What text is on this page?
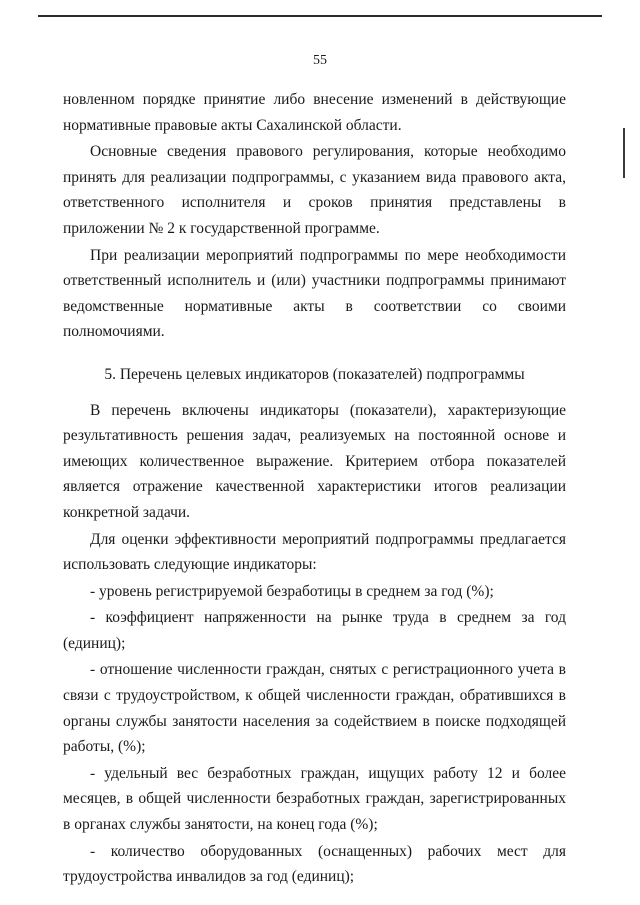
55

новленном порядке принятие либо внесение изменений в действующие нормативные правовые акты Сахалинской области.

Основные сведения правового регулирования, которые необходимо принять для реализации подпрограммы, с указанием вида правового акта, ответственного исполнителя и сроков принятия представлены в приложении № 2 к государственной программе.

При реализации мероприятий подпрограммы по мере необходимости ответственный исполнитель и (или) участники подпрограммы принимают ведомственные нормативные акты в соответствии со своими полномочиями.

5. Перечень целевых индикаторов (показателей) подпрограммы

В перечень включены индикаторы (показатели), характеризующие результативность решения задач, реализуемых на постоянной основе и имеющих количественное выражение. Критерием отбора показателей является отражение качественной характеристики итогов реализации конкретной задачи.

Для оценки эффективности мероприятий подпрограммы предлагается использовать следующие индикаторы:

- уровень регистрируемой безработицы в среднем за год (%);

- коэффициент напряженности на рынке труда в среднем за год (единиц);

- отношение численности граждан, снятых с регистрационного учета в связи с трудоустройством, к общей численности граждан, обратившихся в органы службы занятости населения за содействием в поиске подходящей работы, (%);

- удельный вес безработных граждан, ищущих работу 12 и более месяцев, в общей численности безработных граждан, зарегистрированных в органах службы занятости, на конец года (%);

- количество оборудованных (оснащенных) рабочих мест для трудоустройства инвалидов за год (единиц);
